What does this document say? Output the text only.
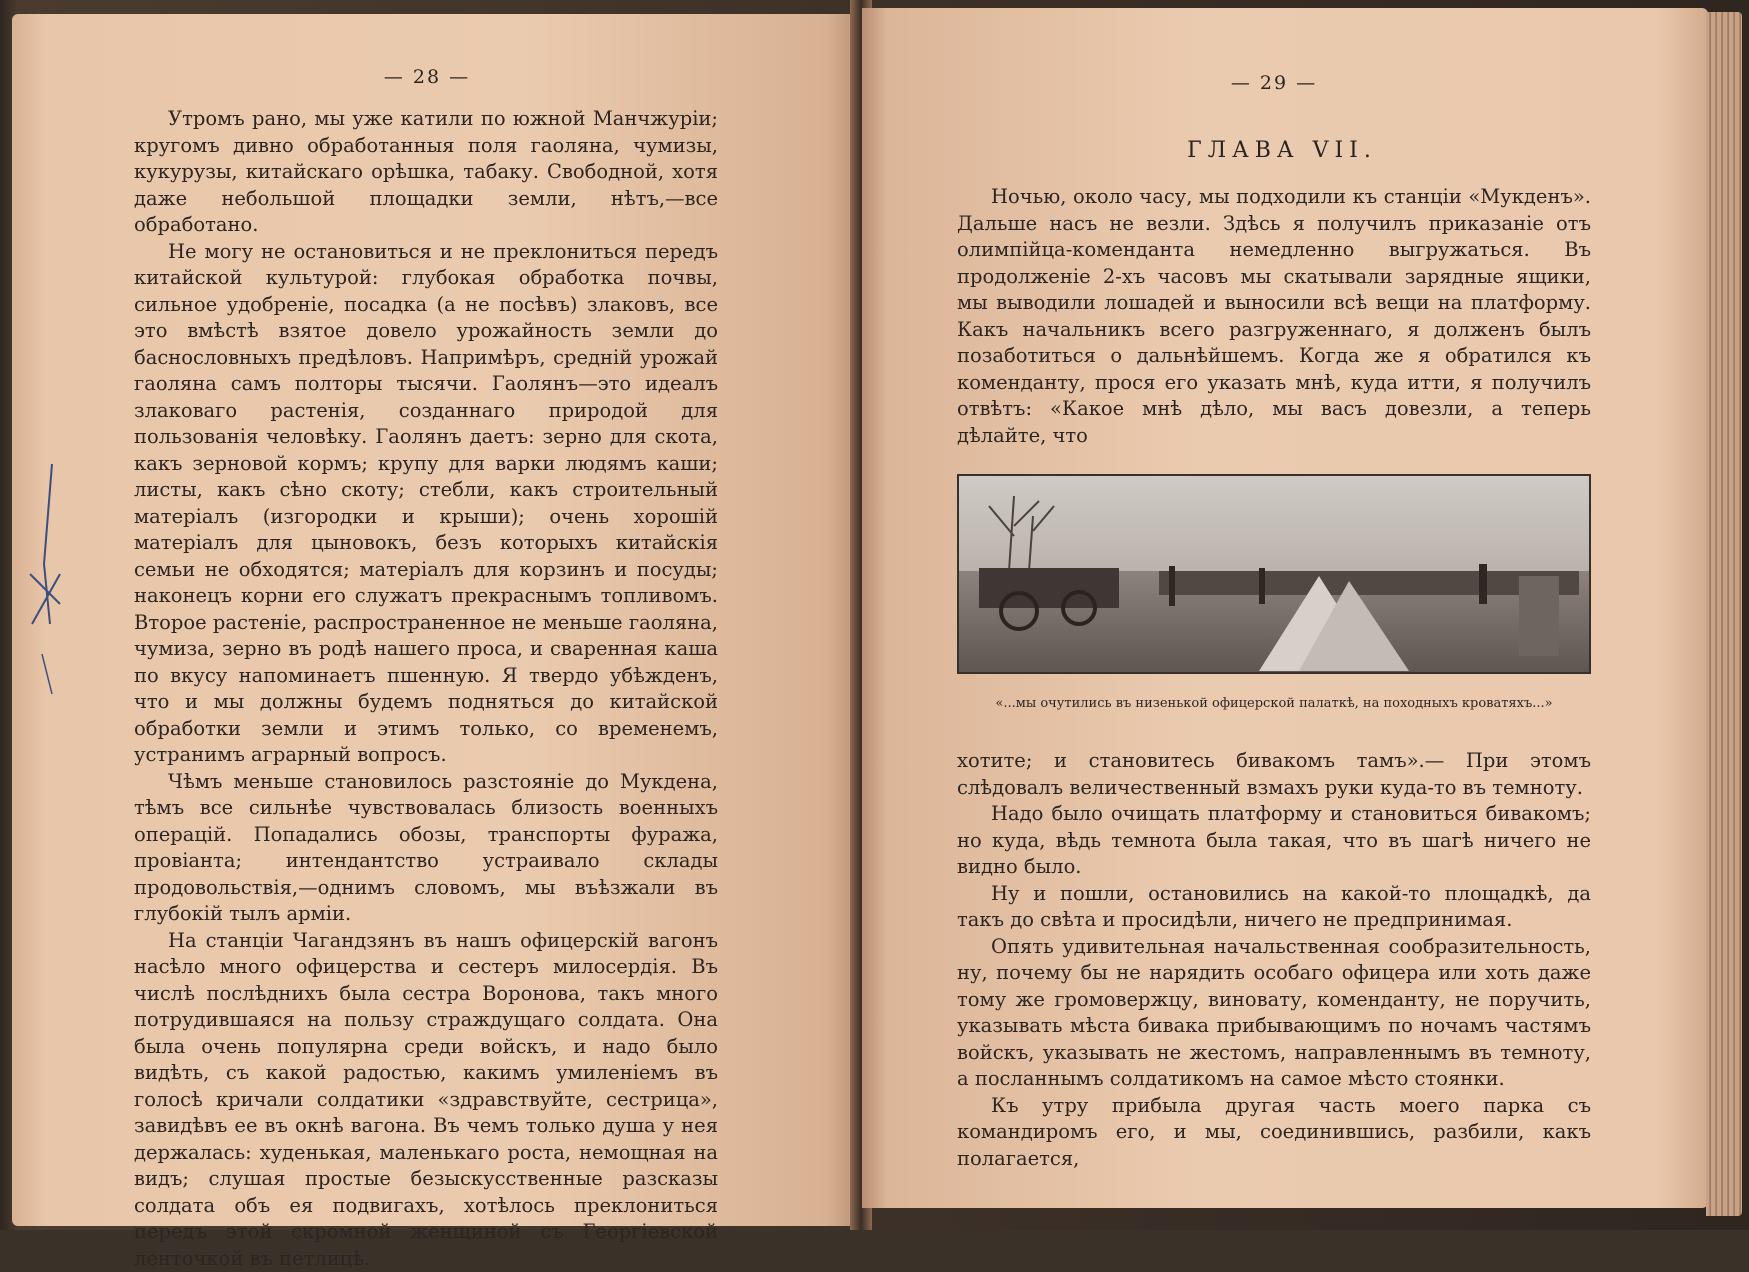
— 28 —

Утромъ рано, мы уже катили по южной Манчжуріи; кругомъ дивно обработанныя поля гаоляна, чумизы, кукурузы, китайскаго орѣшка, табаку. Свободной, хотя даже небольшой площадки земли, нѣтъ,—все обработано.

Не могу не остановиться и не преклониться передъ китайской культурой: глубокая обработка почвы, сильное удобреніе, посадка (а не посѣвъ) злаковъ, все это вмѣстѣ взятое довело урожайность земли до баснословныхъ предѣловъ. Напримѣръ, средній урожай гаоляна самъ полторы тысячи. Гаолянъ—это идеалъ злаковаго растенія, созданнаго природой для пользованія человѣку. Гаолянъ даетъ: зерно для скота, какъ зерновой кормъ; крупу для варки людямъ каши; листы, какъ сѣно скоту; стебли, какъ строительный матеріалъ (изгородки и крыши); очень хорошій матеріалъ для цыновокъ, безъ которыхъ китайскія семьи не обходятся; матеріалъ для корзинъ и посуды; наконецъ корни его служатъ прекраснымъ топливомъ. Второе растеніе, распространенное не меньше гаоляна, чумиза, зерно въ родѣ нашего проса, и сваренная каша по вкусу напоминаетъ пшенную. Я твердо убѣжденъ, что и мы должны будемъ подняться до китайской обработки земли и этимъ только, со временемъ, устранимъ аграрный вопросъ.

Чѣмъ меньше становилось разстояніе до Мукдена, тѣмъ все сильнѣе чувствовалась близость военныхъ операцій. Попадались обозы, транспорты фуража, провіанта; интендантство устраивало склады продовольствія,—однимъ словомъ, мы въѣзжали въ глубокій тылъ арміи.

На станціи Чагандзянъ въ нашъ офицерскій вагонъ насѣло много офицерства и сестеръ милосердія. Въ числѣ послѣднихъ была сестра Воронова, такъ много потрудившаяся на пользу страждущаго солдата. Она была очень популярна среди войскъ, и надо было видѣть, съ какой радостью, какимъ умиленіемъ въ голосѣ кричали солдатики «здравствуйте, сестрица», завидѣвъ ее въ окнѣ вагона. Въ чемъ только душа у нея держалась: худенькая, маленькаго роста, немощная на видъ; слушая простые безыскусственные разсказы солдата объ ея подвигахъ, хотѣлось преклониться передъ этой скромной женщиной съ Георгіевской ленточкой въ петлицѣ.

— 29 —
ГЛАВА VII.

Ночью, около часу, мы подходили къ станціи «Мукденъ». Дальше насъ не везли. Здѣсь я получилъ приказаніе отъ олимпійца-коменданта немедленно выгружаться. Въ продолженіе 2-хъ часовъ мы скатывали зарядные ящики, мы выводили лошадей и выносили всѣ вещи на платформу. Какъ начальникъ всего разгруженнаго, я долженъ былъ позаботиться о дальнѣйшемъ. Когда же я обратился къ коменданту, прося его указать мнѣ, куда итти, я получилъ отвѣтъ: «Какое мнѣ дѣло, мы васъ довезли, а теперь дѣлайте, что

«...мы очутились въ низенькой офицерской палаткѣ, на походныхъ кроватяхъ...»

хотите; и становитесь бивакомъ тамъ».— При этомъ слѣдовалъ величественный взмахъ руки куда-то въ темноту.

Надо было очищать платформу и становиться бивакомъ; но куда, вѣдь темнота была такая, что въ шагѣ ничего не видно было.

Ну и пошли, остановились на какой-то площадкѣ, да такъ до свѣта и просидѣли, ничего не предпринимая.

Опять удивительная начальственная сообразительность, ну, почему бы не нарядить особаго офицера или хоть даже тому же громовержцу, виновату, коменданту, не поручить, указывать мѣста бивака прибывающимъ по ночамъ частямъ войскъ, указывать не жестомъ, направленнымъ въ темноту, а посланнымъ солдатикомъ на самое мѣсто стоянки.

Къ утру прибыла другая часть моего парка съ командиромъ его, и мы, соединившись, разбили, какъ полагается,
